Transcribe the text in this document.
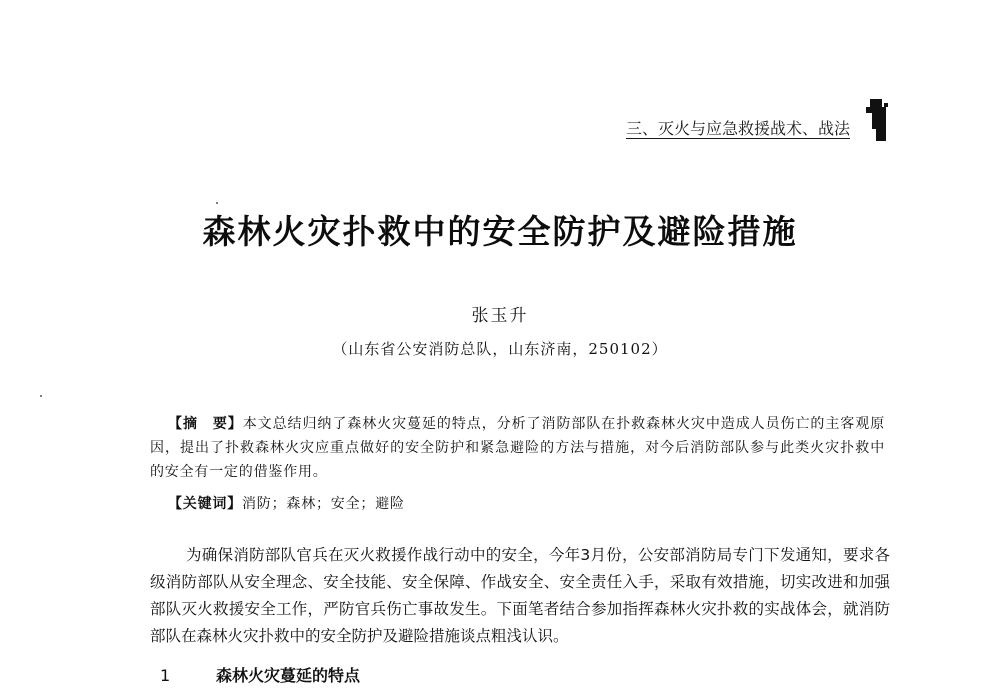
三、灭火与应急救援战术、战法
森林火灾扑救中的安全防护及避险措施
张玉升
（山东省公安消防总队，山东济南，250102）
【摘　要】本文总结归纳了森林火灾蔓延的特点，分析了消防部队在扑救森林火灾中造成人员伤亡的主客观原因，提出了扑救森林火灾应重点做好的安全防护和紧急避险的方法与措施，对今后消防部队参与此类火灾扑救中的安全有一定的借鉴作用。
【关键词】消防；森林；安全；避险
为确保消防部队官兵在灭火救援作战行动中的安全，今年3月份，公安部消防局专门下发通知，要求各级消防部队从安全理念、安全技能、安全保障、作战安全、安全责任入手，采取有效措施，切实改进和加强部队灭火救援安全工作，严防官兵伤亡事故发生。下面笔者结合参加指挥森林火灾扑救的实战体会，就消防部队在森林火灾扑救中的安全防护及避险措施谈点粗浅认识。
1	森林火灾蔓延的特点
